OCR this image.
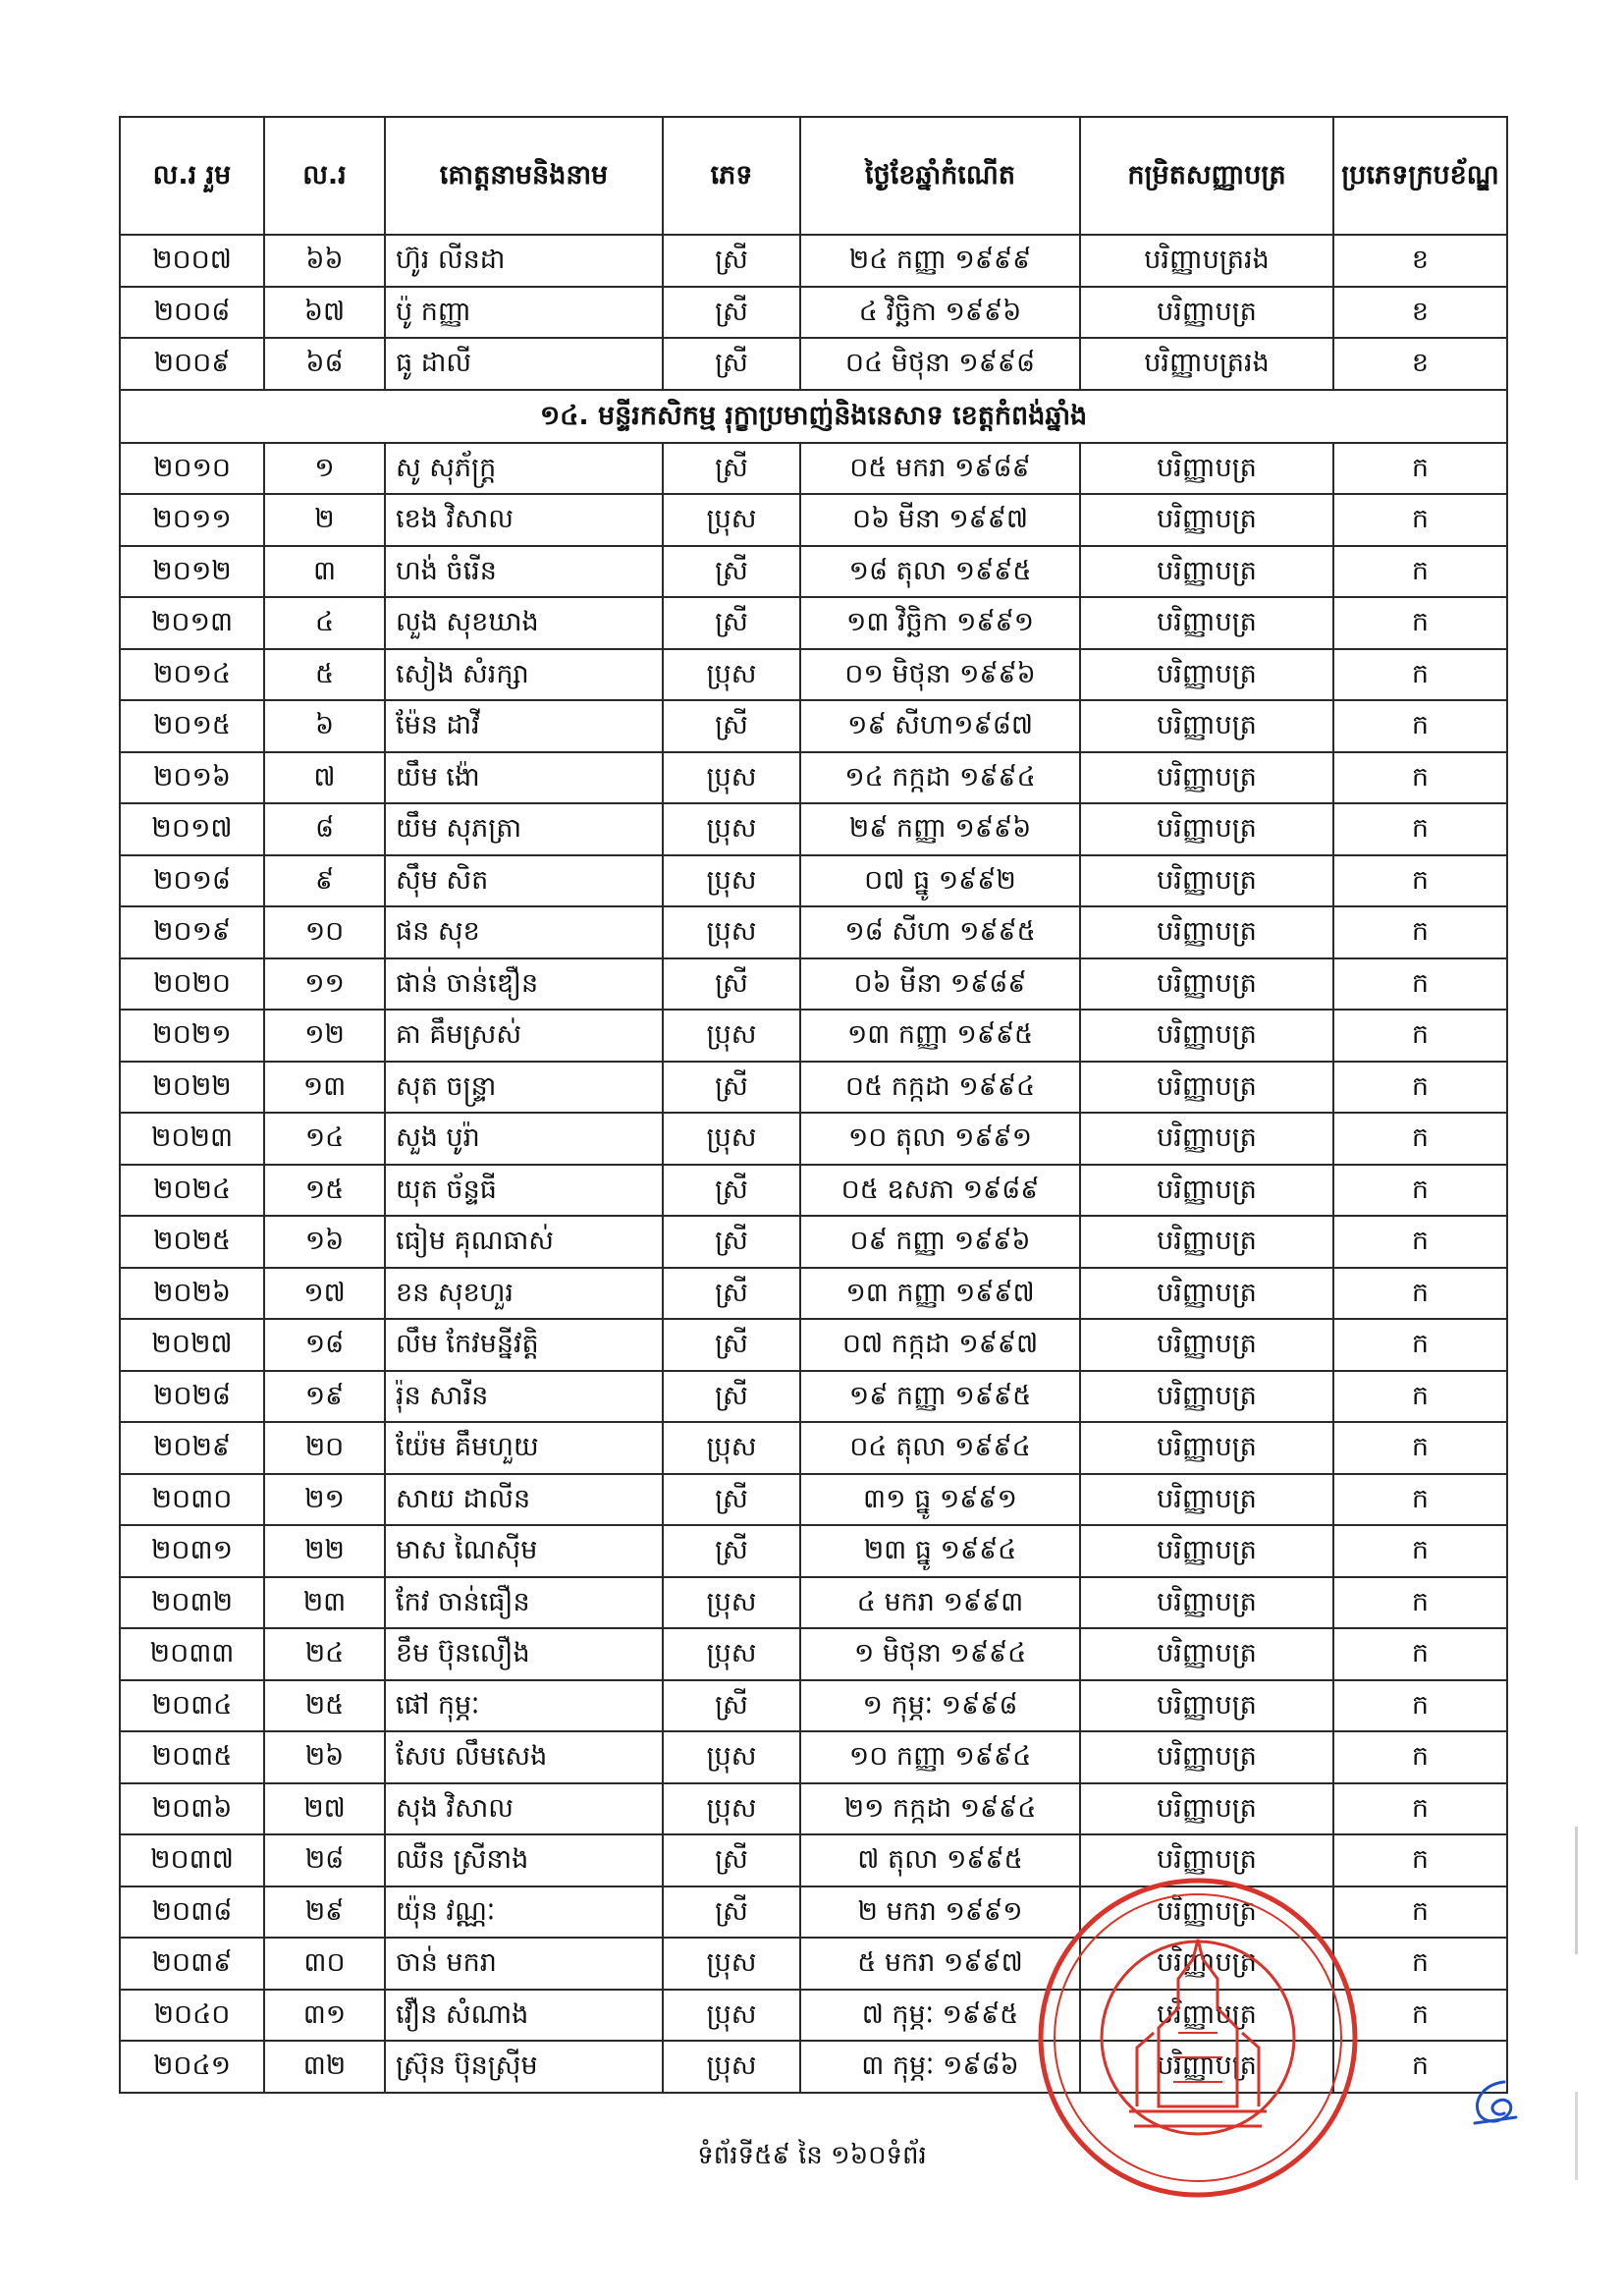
ល.រ រួម	ល.រ	គោត្តនាមនិងនាម	ភេទ	ថ្ងៃខែឆ្នាំកំណើត	កម្រិតសញ្ញាបត្រ	ប្រភេទក្របខ័ណ្ឌ

២០០៧	៦៦	ហ៊ូរ លីនដា	ស្រី	២៤ កញ្ញា ១៩៩៩	បរិញ្ញាបត្ររង	ខ
២០០៨	៦៧	ប៉ូ កញ្ញា	ស្រី	៤ វិច្ឆិកា ១៩៩៦	បរិញ្ញាបត្រ	ខ
២០០៩	៦៨	ធូ ដាលី	ស្រី	០៤ មិថុនា ១៩៩៨	បរិញ្ញាបត្ររង	ខ
១៤. មន្ទីរកសិកម្ម រុក្ខាប្រមាញ់និងនេសាទ ខេត្តកំពង់ឆ្នាំង						
២០១០	១	សូ សុភ័ក្រ្ត	ស្រី	០៥ មករា ១៩៨៩	បរិញ្ញាបត្រ	ក
២០១១	២	ខេង វិសាល	ប្រុស	០៦ មីនា ១៩៩៧	បរិញ្ញាបត្រ	ក
២០១២	៣	ហង់ ចំរើន	ស្រី	១៨ តុលា ១៩៩៥	បរិញ្ញាបត្រ	ក
២០១៣	៤	លួង សុខឃាង	ស្រី	១៣ វិច្ឆិកា ១៩៩១	បរិញ្ញាបត្រ	ក
២០១៤	៥	សៀង សំរក្សា	ប្រុស	០១ មិថុនា ១៩៩៦	បរិញ្ញាបត្រ	ក
២០១៥	៦	ម៉ែន ដាវី	ស្រី	១៩ សីហា១៩៨៧	បរិញ្ញាបត្រ	ក
២០១៦	៧	យឹម ង៉ោ	ប្រុស	១៤ កក្កដា ១៩៩៤	បរិញ្ញាបត្រ	ក
២០១៧	៨	យឹម សុភត្រា	ប្រុស	២៩ កញ្ញា ១៩៩៦	បរិញ្ញាបត្រ	ក
២០១៨	៩	ស៊ឹម សិត	ប្រុស	០៧ ធ្នូ ១៩៩២	បរិញ្ញាបត្រ	ក
២០១៩	១០	ផន សុខ	ប្រុស	១៨ សីហា ១៩៩៥	បរិញ្ញាបត្រ	ក
២០២០	១១	ផាន់ ចាន់ឌឿន	ស្រី	០៦ មីនា ១៩៨៩	បរិញ្ញាបត្រ	ក
២០២១	១២	គា គឹមស្រស់	ប្រុស	១៣ កញ្ញា ១៩៩៥	បរិញ្ញាបត្រ	ក
២០២២	១៣	សុត ចន្ទ្រា	ស្រី	០៥ កក្កដា ១៩៩៤	បរិញ្ញាបត្រ	ក
២០២៣	១៤	សួង បូរ៉ា	ប្រុស	១០ តុលា ១៩៩១	បរិញ្ញាបត្រ	ក
២០២៤	១៥	យុត ច័ន្ទធី	ស្រី	០៥ ឧសភា ១៩៨៩	បរិញ្ញាបត្រ	ក
២០២៥	១៦	ធៀម គុណធាស់	ស្រី	០៩ កញ្ញា ១៩៩៦	បរិញ្ញាបត្រ	ក
២០២៦	១៧	ខន សុខហួរ	ស្រី	១៣ កញ្ញា ១៩៩៧	បរិញ្ញាបត្រ	ក
២០២៧	១៨	លឹម កែវមន្នីវត្តិ	ស្រី	០៧ កក្កដា ១៩៩៧	បរិញ្ញាបត្រ	ក
២០២៨	១៩	រ៉ុន សារីន	ស្រី	១៩ កញ្ញា ១៩៩៥	បរិញ្ញាបត្រ	ក
២០២៩	២០	យ៉ែម គឹមហួយ	ប្រុស	០៤ តុលា ១៩៩៤	បរិញ្ញាបត្រ	ក
២០៣០	២១	សាយ ដាលីន	ស្រី	៣១ ធ្នូ ១៩៩១	បរិញ្ញាបត្រ	ក
២០៣១	២២	មាស ណៃស៊ីម	ស្រី	២៣ ធ្នូ ១៩៩៤	បរិញ្ញាបត្រ	ក
២០៣២	២៣	កែវ ចាន់ធឿន	ប្រុស	៤ មករា ១៩៩៣	បរិញ្ញាបត្រ	ក
២០៣៣	២៤	ខឹម ប៊ុនលឿង	ប្រុស	១ មិថុនា ១៩៩៤	បរិញ្ញាបត្រ	ក
២០៣៤	២៥	ផៅ កុម្ភៈ	ស្រី	១ កុម្ភៈ ១៩៩៨	បរិញ្ញាបត្រ	ក
២០៣៥	២៦	សែប លឹមសេង	ប្រុស	១០ កញ្ញា ១៩៩៤	បរិញ្ញាបត្រ	ក
២០៣៦	២៧	សុង វិសាល	ប្រុស	២១ កក្កដា ១៩៩៤	បរិញ្ញាបត្រ	ក
២០៣៧	២៨	ឈឺន ស្រីនាង	ស្រី	៧ តុលា ១៩៩៥	បរិញ្ញាបត្រ	ក
២០៣៨	២៩	យ៉ុន វណ្ណៈ	ស្រី	២ មករា ១៩៩១	បរិញ្ញាបត្រ	ក
២០៣៩	៣០	ចាន់ មករា	ប្រុស	៥ មករា ១៩៩៧	បរិញ្ញាបត្រ	ក
២០៤០	៣១	វឿន សំណាង	ប្រុស	៧ កុម្ភៈ ១៩៩៥	បរិញ្ញាបត្រ	ក
២០៤១	៣២	ស្រ៊ុន ប៊ុនស្រ៊ីម	ប្រុស	៣ កុម្ភៈ ១៩៨៦	បរិញ្ញាបត្រ	ក
ទំព័រទី៥៩ នៃ ១៦០ទំព័រ
